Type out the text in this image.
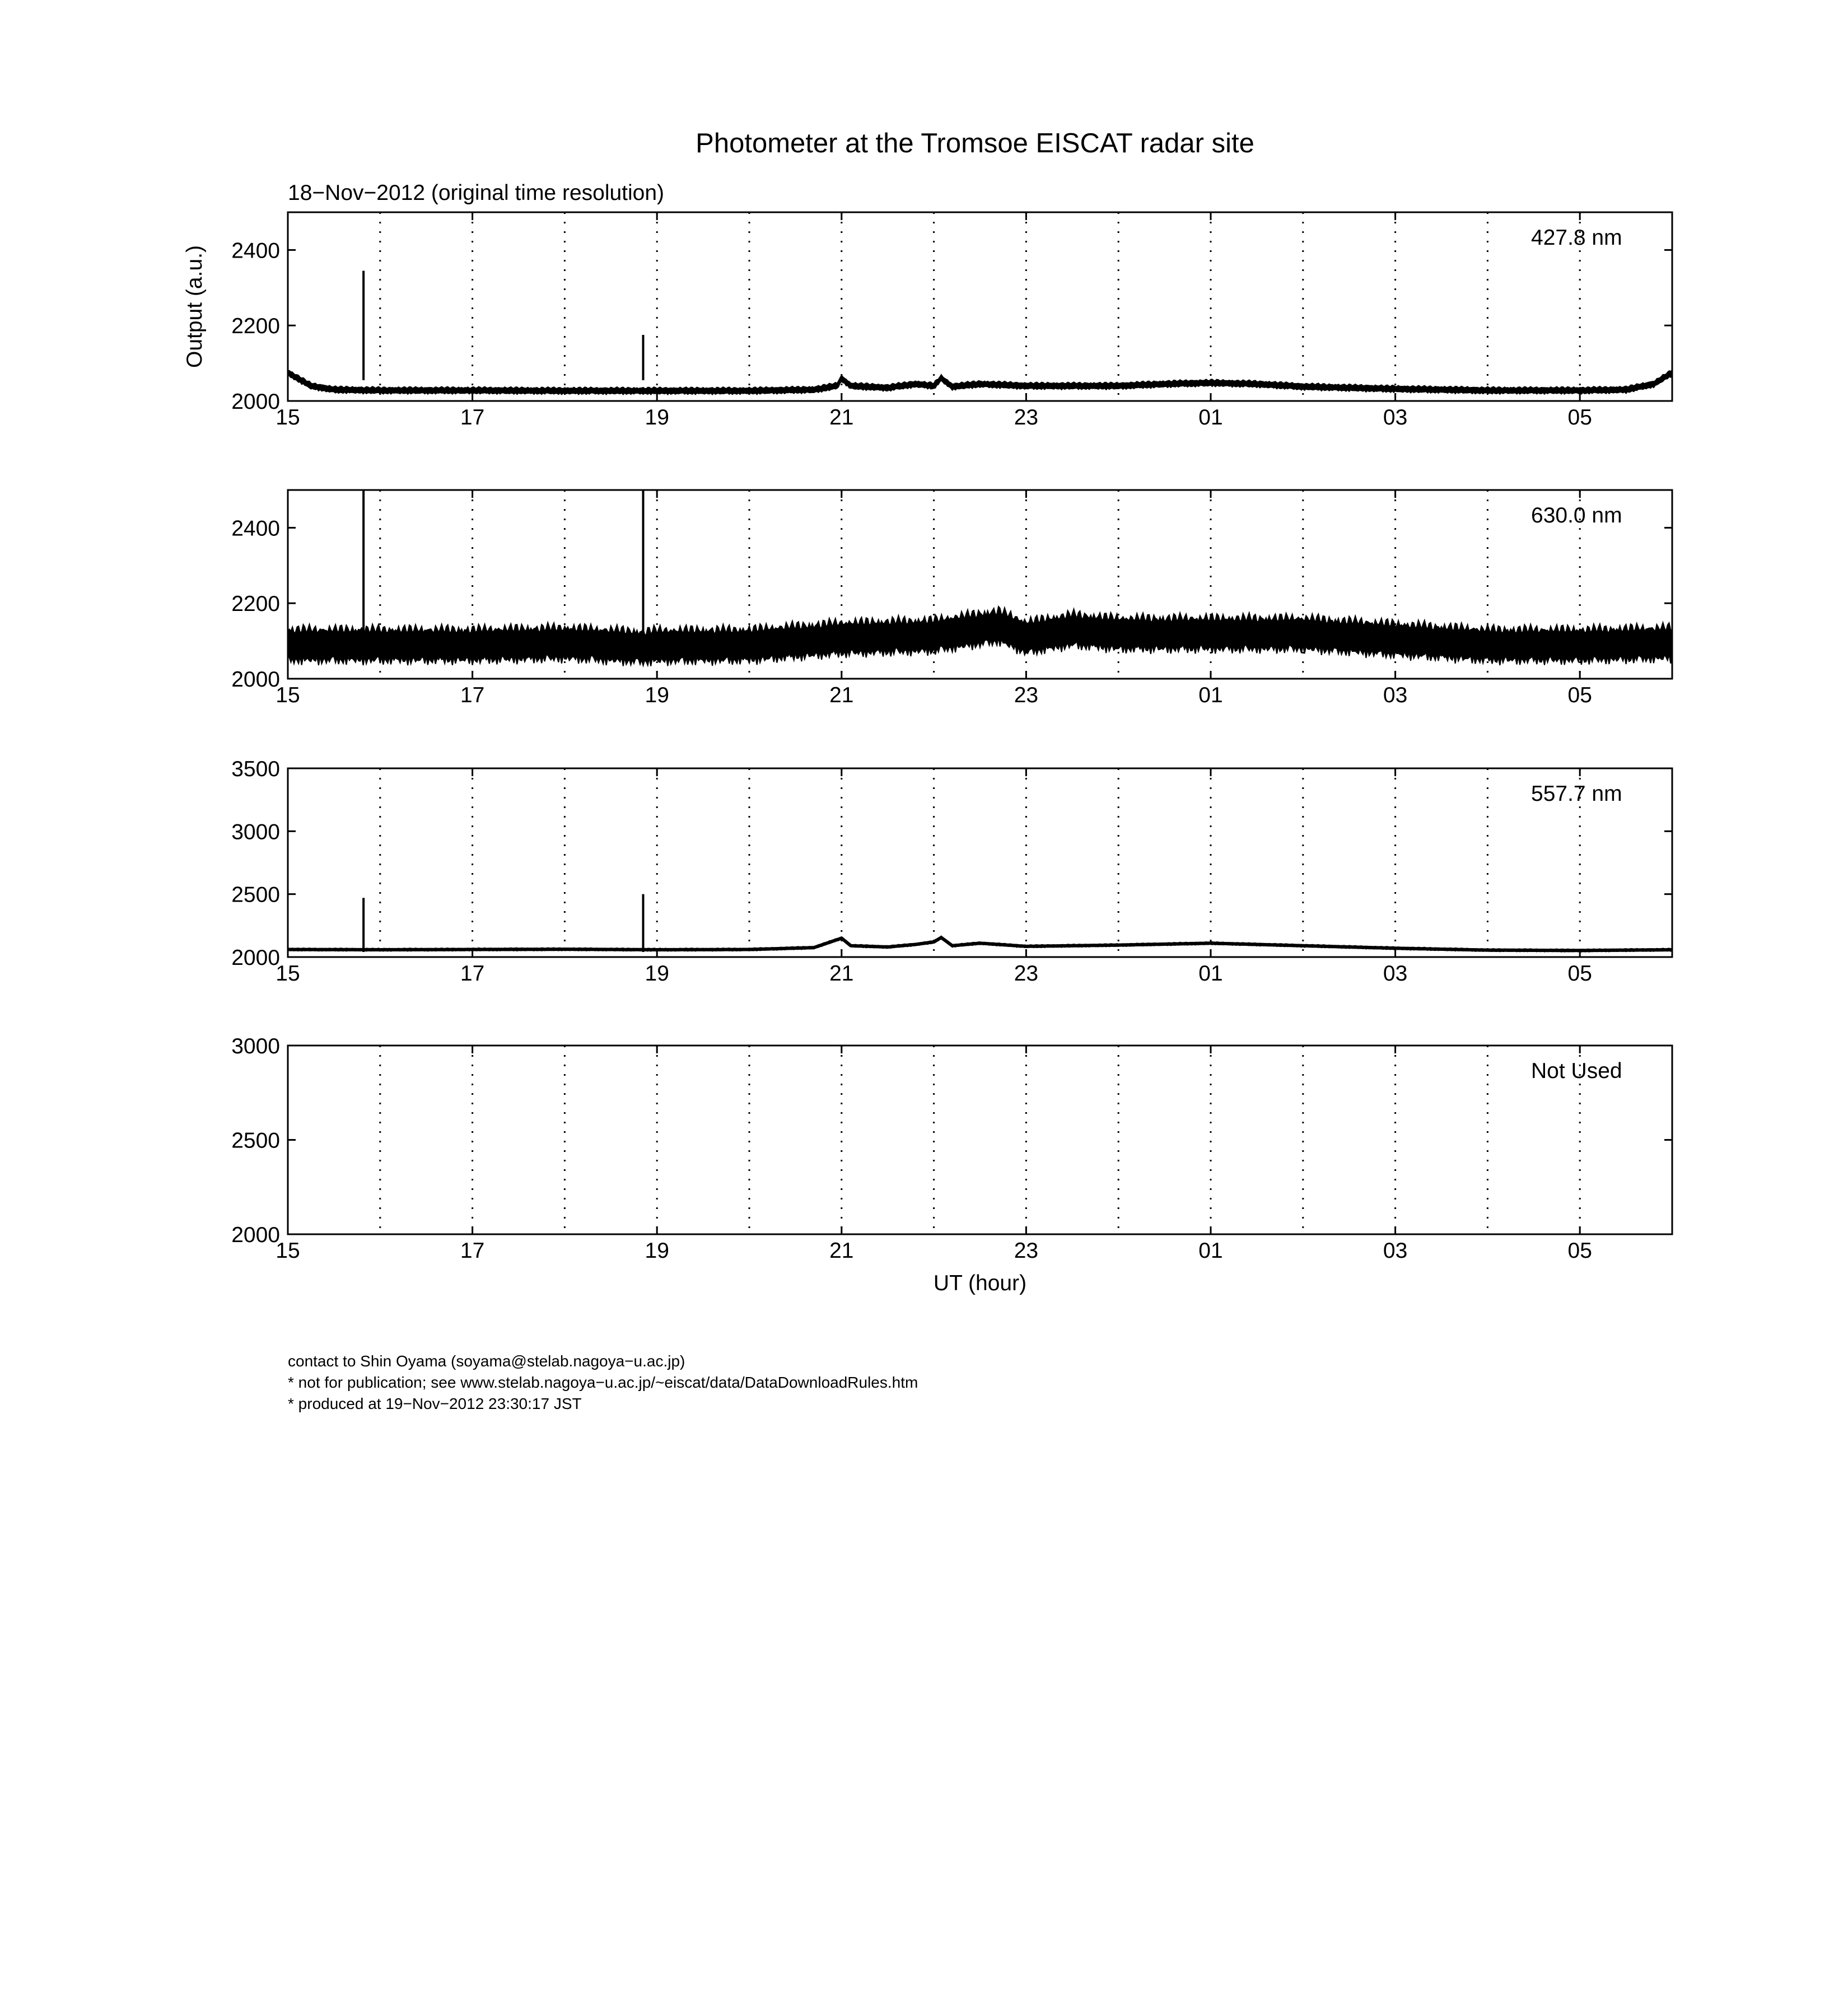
Photometer at the Tromsoe EISCAT radar site
18−Nov−2012 (original time resolution)
15	17	19	21	23	01	03	05
2000
2200
2400
427.8 nm
Output (a.u.)
15	17	19	21	23	01	03	05
2000
2200
2400
630.0 nm
15	17	19	21	23	01	03	05
2000
2500
3000
3500
557.7 nm
15	17	19	21	23	01	03	05
2000
2500
3000
Not Used
UT (hour)
contact to Shin Oyama (soyama@stelab.nagoya−u.ac.jp)
* not for publication; see www.stelab.nagoya−u.ac.jp/~eiscat/data/DataDownloadRules.htm
* produced at 19−Nov−2012 23:30:17 JST
